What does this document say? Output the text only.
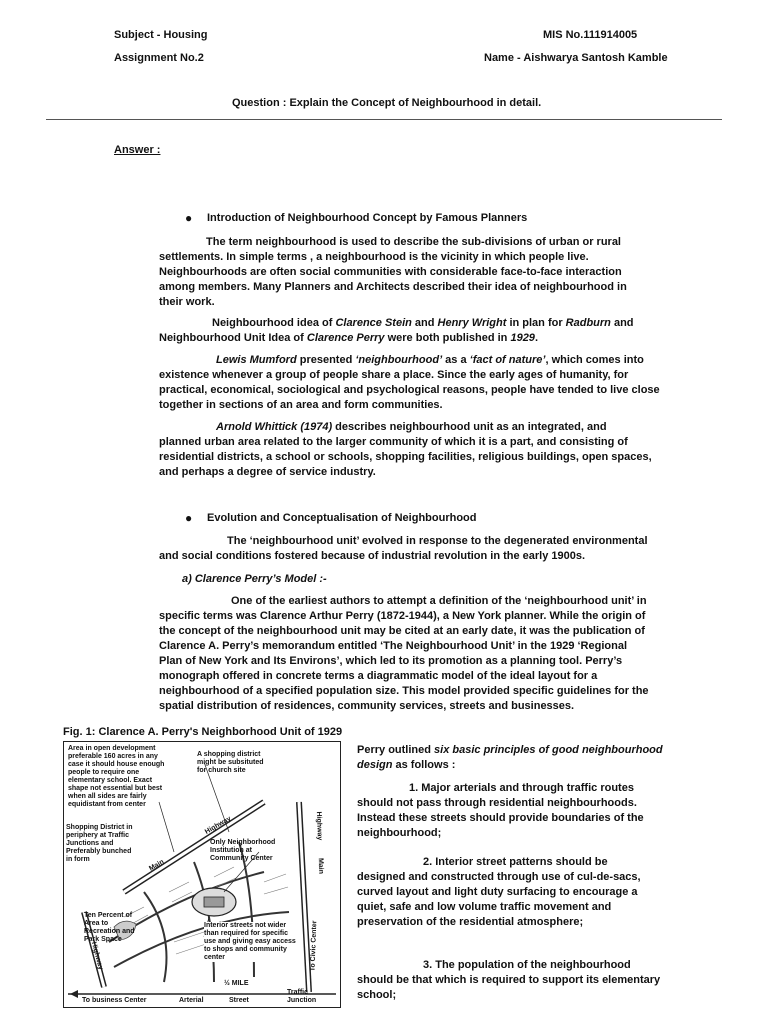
Subject - Housing
Assignment No.2
MIS No.111914005
Name - Aishwarya Santosh Kamble
Question : Explain the Concept of Neighbourhood in detail.
Answer :
● Introduction of Neighbourhood Concept by Famous Planners
The term neighbourhood is used to describe the sub-divisions of urban or rural
settlements. In simple terms , a neighbourhood is the vicinity in which people live.
Neighbourhoods are often social communities with considerable face-to-face interaction
among members. Many Planners and Architects described their idea of neighbourhood in
their work.
Neighbourhood idea of Clarence Stein and Henry Wright in plan for Radburn and
Neighbourhood Unit Idea of Clarence Perry were both published in 1929.
Lewis Mumford presented ‘neighbourhood’ as a ‘fact of nature’, which comes into
existence whenever a group of people share a place. Since the early ages of humanity, for
practical, economical, sociological and psychological reasons, people have tended to live close
together in sections of an area and form communities.
Arnold Whittick (1974) describes neighbourhood unit as an integrated, and
planned urban area related to the larger community of which it is a part, and consisting of
residential districts, a school or schools, shopping facilities, religious buildings, open spaces,
and perhaps a degree of service industry.
● Evolution and Conceptualisation of Neighbourhood
The ‘neighbourhood unit’ evolved in response to the degenerated environmental
and social conditions fostered because of industrial revolution in the early 1900s.
a) Clarence Perry’s Model :-
One of the earliest authors to attempt a definition of the ‘neighbourhood unit’ in
specific terms was Clarence Arthur Perry (1872-1944), a New York planner. While the origin of
the concept of the neighbourhood unit may be cited at an early date, it was the publication of
Clarence A. Perry’s memorandum entitled ‘The Neighbourhood Unit’ in the 1929 ‘Regional
Plan of New York and Its Environs’, which led to its promotion as a planning tool. Perry’s
monograph offered in concrete terms a diagrammatic model of the ideal layout for a
neighbourhood of a specified population size. This model provided specific guidelines for the
spatial distribution of residences, community services, streets and businesses.
Fig. 1: Clarence A. Perry's Neighborhood Unit of 1929
Area in open development
preferable 160 acres in any
case it should house enough
people to require one
elementary school. Exact
shape not essential but best
when all sides are fairly
equidistant from center
A shopping district
might be subsituted
for church site
Shopping District in
periphery at Traffic
Junctions and
Preferably bunched
in form
Only Neighborhood
Institution at
Community Center
Ten Percent of
Area to
Recreation and
Park Space
Interior streets not wider
than required for specific
use and giving easy access
to shops and community
center
Main
Highway
Main
Highway
Highway	To Civic Center
½ MILE
To business Center	Arterial	Street
Traffic
Junction
Perry outlined six basic principles of good neighbourhood
design as follows :
1. Major arterials and through traffic routes
should not pass through residential neighbourhoods.
Instead these streets should provide boundaries of the
neighbourhood;
2. Interior street patterns should be
designed and constructed through use of cul-de-sacs,
curved layout and light duty surfacing to encourage a
quiet, safe and low volume traffic movement and
preservation of the residential atmosphere;
3. The population of the neighbourhood
should be that which is required to support its elementary
school;
